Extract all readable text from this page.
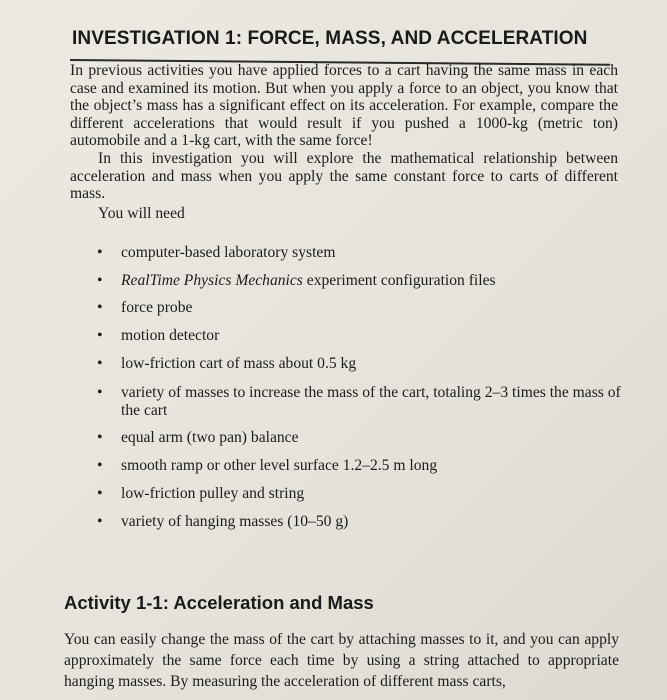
INVESTIGATION 1: FORCE, MASS, AND ACCELERATION

In previous activities you have applied forces to a cart having the same mass in each case and examined its motion. But when you apply a force to an object, you know that the object’s mass has a significant effect on its acceleration. For example, compare the different accelerations that would result if you pushed a 1000-kg (metric ton) automobile and a 1-kg cart, with the same force!

In this investigation you will explore the mathematical relationship between acceleration and mass when you apply the same constant force to carts of different mass.

You will need

• computer-based laboratory system
• RealTime Physics Mechanics experiment configuration files
• force probe
• motion detector
• low-friction cart of mass about 0.5 kg
• variety of masses to increase the mass of the cart, totaling 2–3 times the mass of the cart
• equal arm (two pan) balance
• smooth ramp or other level surface 1.2–2.5 m long
• low-friction pulley and string
• variety of hanging masses (10–50 g)
Activity 1-1: Acceleration and Mass

You can easily change the mass of the cart by attaching masses to it, and you can apply approximately the same force each time by using a string attached to appropriate hanging masses. By measuring the acceleration of different mass carts,
